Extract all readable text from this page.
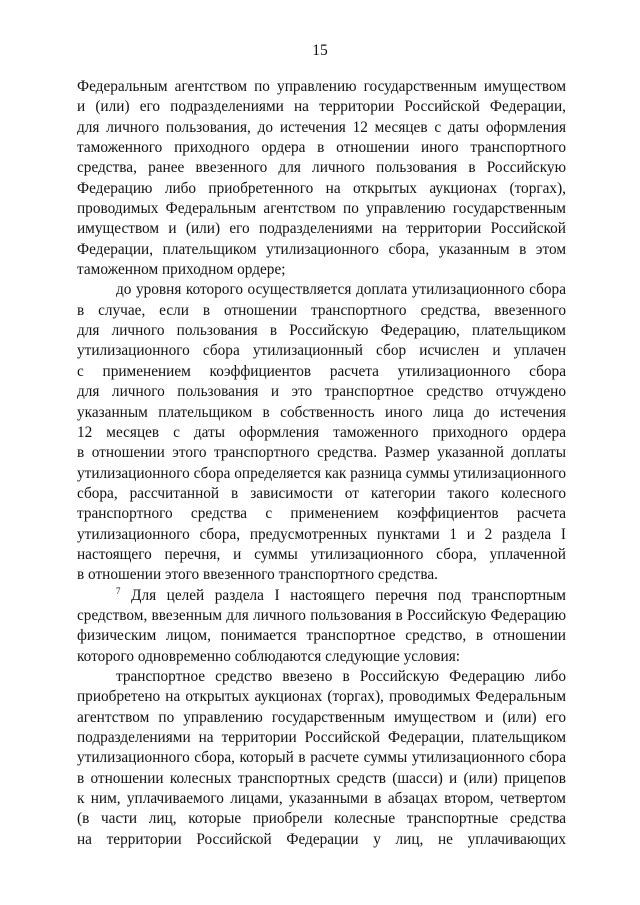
15
Федеральным агентством по управлению государственным имуществом
и (или) его подразделениями на территории Российской Федерации,
для личного пользования, до истечения 12 месяцев с даты оформления
таможенного приходного ордера в отношении иного транспортного
средства, ранее ввезенного для личного пользования в Российскую
Федерацию либо приобретенного на открытых аукционах (торгах),
проводимых Федеральным агентством по управлению государственным
имуществом и (или) его подразделениями на территории Российской
Федерации, плательщиком утилизационного сбора, указанным в этом
таможенном приходном ордере;
до уровня которого осуществляется доплата утилизационного сбора
в случае, если в отношении транспортного средства, ввезенного
для личного пользования в Российскую Федерацию, плательщиком
утилизационного сбора утилизационный сбор исчислен и уплачен
с применением коэффициентов расчета утилизационного сбора
для личного пользования и это транспортное средство отчуждено
указанным плательщиком в собственность иного лица до истечения
12 месяцев с даты оформления таможенного приходного ордера
в отношении этого транспортного средства. Размер указанной доплаты
утилизационного сбора определяется как разница суммы утилизационного
сбора, рассчитанной в зависимости от категории такого колесного
транспортного средства с применением коэффициентов расчета
утилизационного сбора, предусмотренных пунктами 1 и 2 раздела I
настоящего перечня, и суммы утилизационного сбора, уплаченной
в отношении этого ввезенного транспортного средства.
$^7$ Для целей раздела I настоящего перечня под транспортным
средством, ввезенным для личного пользования в Российскую Федерацию
физическим лицом, понимается транспортное средство, в отношении
которого одновременно соблюдаются следующие условия:
транспортное средство ввезено в Российскую Федерацию либо
приобретено на открытых аукционах (торгах), проводимых Федеральным
агентством по управлению государственным имуществом и (или) его
подразделениями на территории Российской Федерации, плательщиком
утилизационного сбора, который в расчете суммы утилизационного сбора
в отношении колесных транспортных средств (шасси) и (или) прицепов
к ним, уплачиваемого лицами, указанными в абзацах втором, четвертом
(в части лиц, которые приобрели колесные транспортные средства
на территории Российской Федерации у лиц, не уплачивающих
